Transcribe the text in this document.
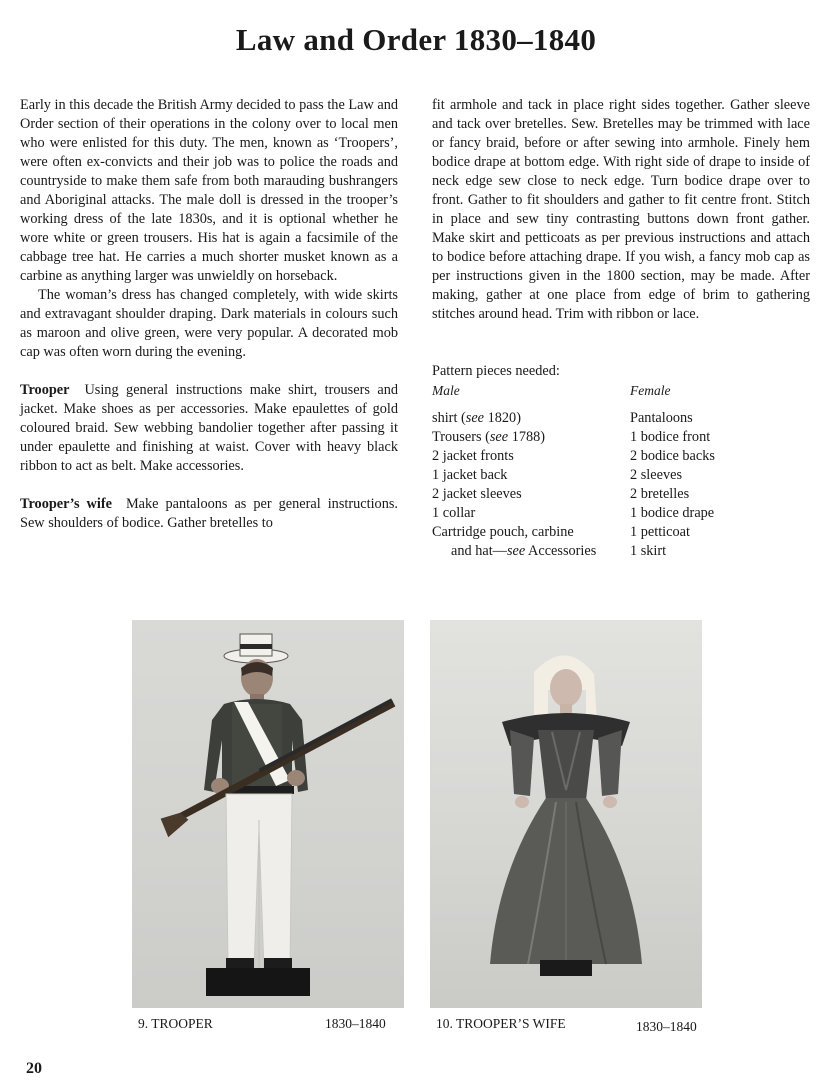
Law and Order 1830–1840

Early in this decade the British Army decided to pass the Law and Order section of their operations in the colony over to local men who were enlisted for this duty. The men, known as ‘Troopers’, were often ex-convicts and their job was to police the roads and countryside to make them safe from both marauding bushrangers and Aboriginal attacks. The male doll is dressed in the trooper’s working dress of the late 1830s, and it is optional whether he wore white or green trousers. His hat is again a facsimile of the cabbage tree hat. He carries a much shorter musket known as a carbine as anything larger was unwieldly on horseback.

The woman’s dress has changed completely, with wide skirts and extravagant shoulder draping. Dark materials in colours such as maroon and olive green, were very popular. A decorated mob cap was often worn during the evening.

Trooper Using general instructions make shirt, trousers and jacket. Make shoes as per accessories. Make epaulettes of gold coloured braid. Sew webbing bandolier together after passing it under epaulette and finishing at waist. Cover with heavy black ribbon to act as belt. Make accessories.

Trooper’s wife Make pantaloons as per general instructions. Sew shoulders of bodice. Gather bretelles to

fit armhole and tack in place right sides together. Gather sleeve and tack over bretelles. Sew. Bretelles may be trimmed with lace or fancy braid, before or after sewing into armhole. Finely hem bodice drape at bottom edge. With right side of drape to inside of neck edge sew close to neck edge. Turn bodice drape over to front. Gather to fit shoulders and gather to fit centre front. Stitch in place and sew tiny contrasting buttons down front gather. Make skirt and petticoats as per previous instructions and attach to bodice before attaching drape. If you wish, a fancy mob cap as per instructions given in the 1800 section, may be made. After making, gather at one place from edge of brim to gathering stitches around head. Trim with ribbon or lace.

Pattern pieces needed:

Male	Female
shirt (see 1820)	Pantaloons
Trousers (see 1788)	1 bodice front
2 jacket fronts	2 bodice backs
1 jacket back	2 sleeves
2 jacket sleeves	2 bretelles
1 collar	1 bodice drape
Cartridge pouch, carbine	1 petticoat
and hat—see Accessories	1 skirt
9. TROOPER	1830–1840	10. TROOPER’S WIFE	1830–1840
20
